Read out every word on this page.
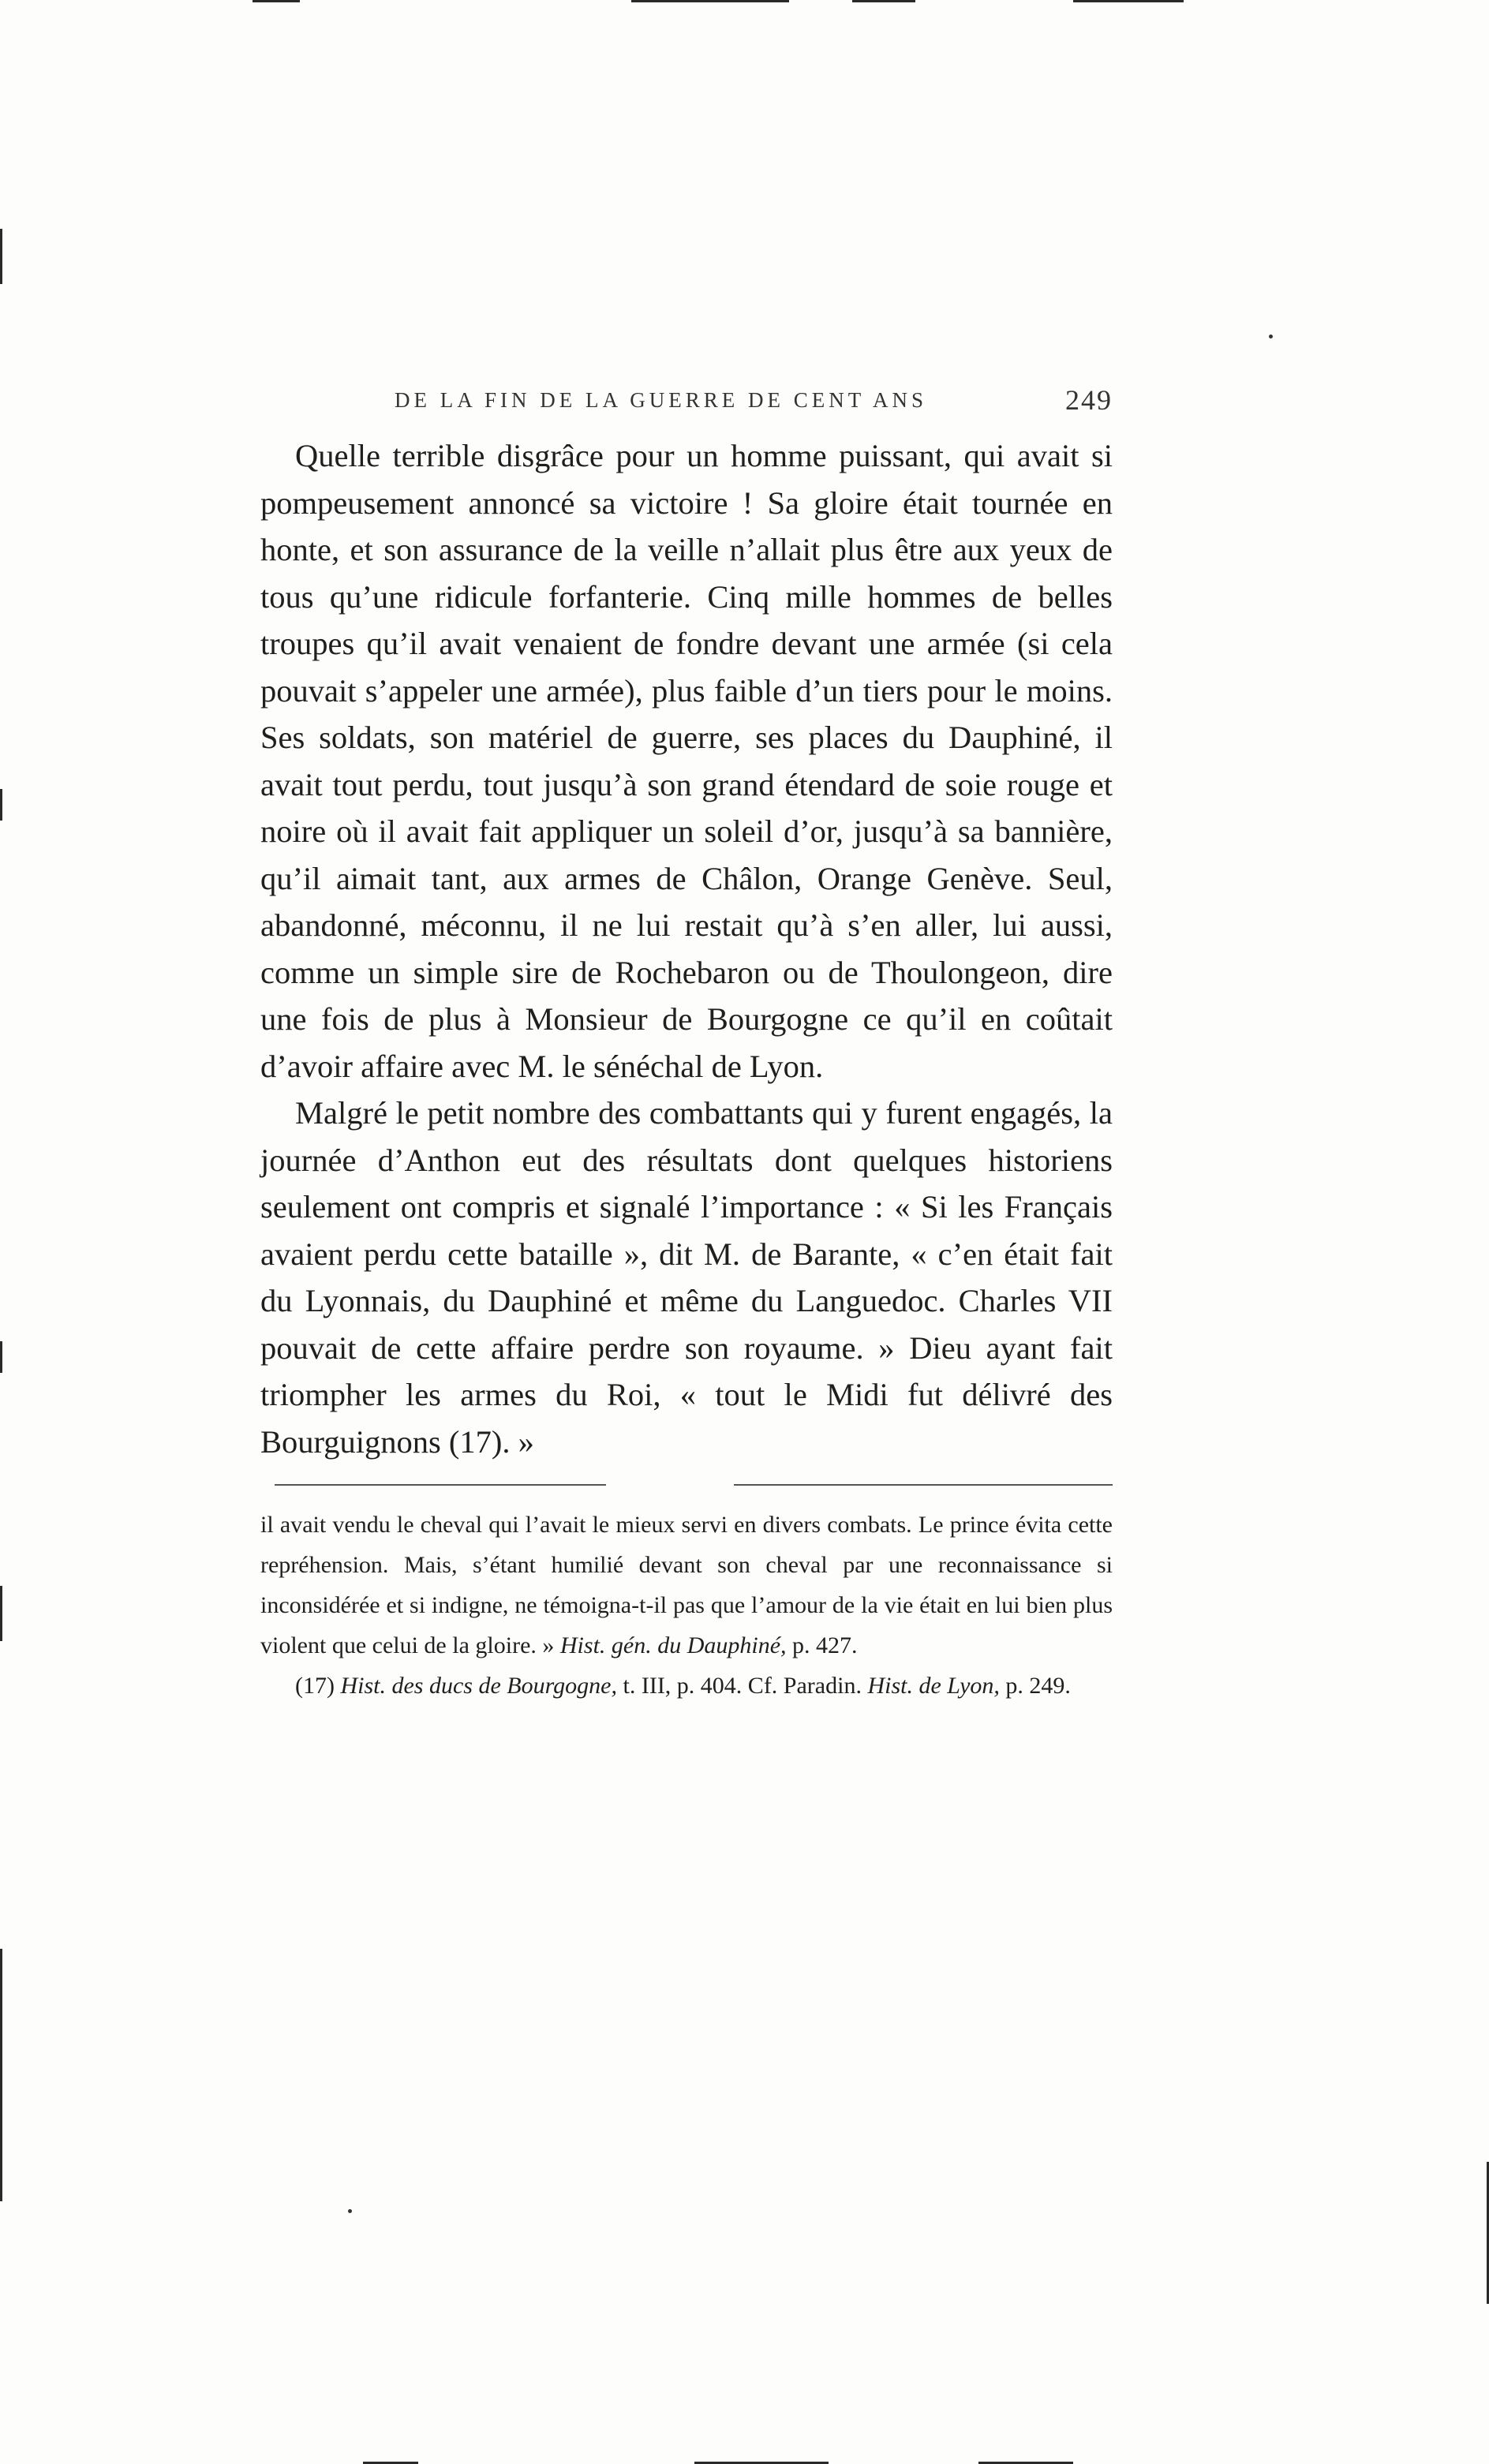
DE LA FIN DE LA GUERRE DE CENT ANS	249

Quelle terrible disgrâce pour un homme puissant, qui avait si pompeusement annoncé sa victoire ! Sa gloire était tournée en honte, et son assurance de la veille n’allait plus être aux yeux de tous qu’une ridicule forfanterie. Cinq mille hommes de belles troupes qu’il avait venaient de fondre devant une armée (si cela pouvait s’appeler une armée), plus faible d’un tiers pour le moins. Ses soldats, son matériel de guerre, ses places du Dauphiné, il avait tout perdu, tout jusqu’à son grand étendard de soie rouge et noire où il avait fait appliquer un soleil d’or, jusqu’à sa bannière, qu’il aimait tant, aux armes de Châlon, Orange Genève. Seul, abandonné, méconnu, il ne lui restait qu’à s’en aller, lui aussi, comme un simple sire de Rochebaron ou de Thoulongeon, dire une fois de plus à Monsieur de Bourgogne ce qu’il en coûtait d’avoir affaire avec M. le sénéchal de Lyon.

Malgré le petit nombre des combattants qui y furent engagés, la journée d’Anthon eut des résultats dont quelques historiens seulement ont compris et signalé l’importance : « Si les Français avaient perdu cette bataille », dit M. de Barante, « c’en était fait du Lyonnais, du Dauphiné et même du Languedoc. Charles VII pouvait de cette affaire perdre son royaume. » Dieu ayant fait triompher les armes du Roi, « tout le Midi fut délivré des Bourguignons (17). »

il avait vendu le cheval qui l’avait le mieux servi en divers combats. Le prince évita cette repréhension. Mais, s’étant humilié devant son cheval par une reconnaissance si inconsidérée et si indigne, ne témoigna-t-il pas que l’amour de la vie était en lui bien plus violent que celui de la gloire. » Hist. gén. du Dauphiné, p. 427.

(17) Hist. des ducs de Bourgogne, t. III, p. 404. Cf. Paradin. Hist. de Lyon, p. 249.
